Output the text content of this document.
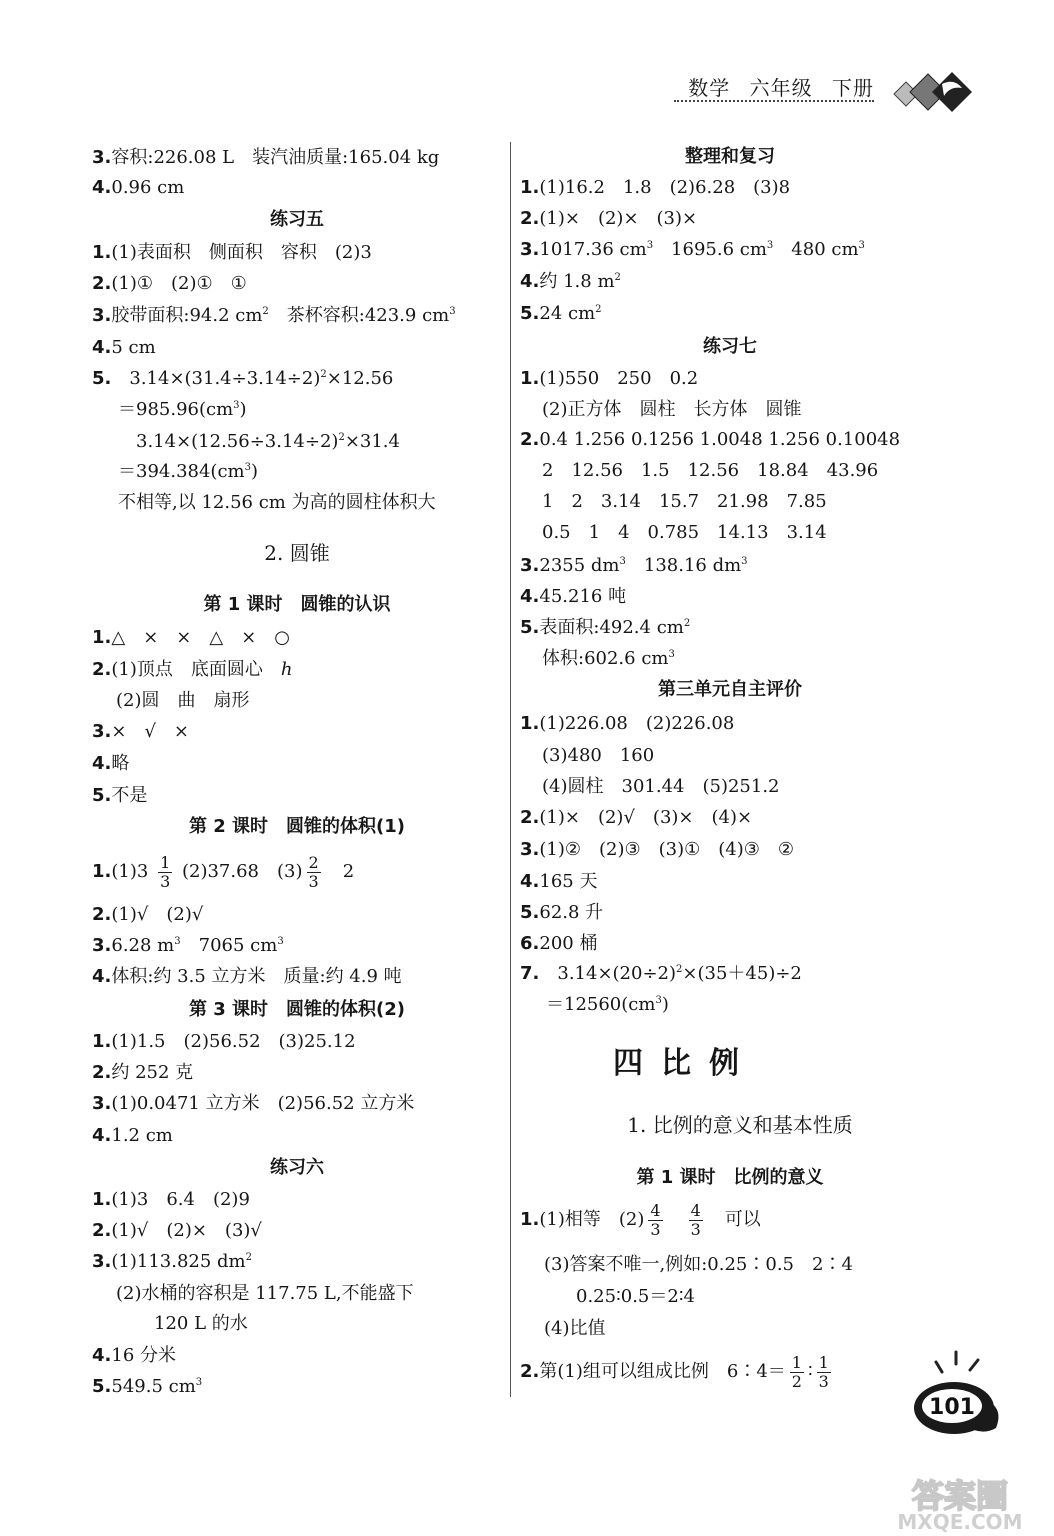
数学 六年级 下册
3.容积:226.08 L　装汽油质量:165.04 kg
4.0.96 cm
练习五
1.(1)表面积　侧面积　容积　(2)3
2.(1)①　(2)①　①
3.胶带面积:94.2 $cm^2$　茶杯容积:423.9 $cm^3$
4.5 cm
5.　$3.14\times(31.4\div 3.14\div 2)^2\times 12.56$
$=985.96(cm^3)$
$3.14\times(12.56\div 3.14\div 2)^2\times 31.4$
$=394.384(cm^3)$
不相等,以 12.56 cm 为高的圆柱体积大
2. 圆锥
第 1 课时　圆锥的认识
1.△　×　×　△　×　○
2.(1)顶点　底面圆心　 h
(2)圆　曲　扇形
3.×　√　×
4.略
5.不是
第 2 课时　圆锥的体积(1)
$1.(1)3 \frac{1}{3} (2)37.68$　$(3) \frac{2}{3}$
　 2
2.(1)√　(2)√
3.6.28 $m^3$　7065 $cm^3$
4.体积:约 3.5 立方米　质量:约 4.9 吨
第 3 课时　圆锥的体积(2)
1.(1)1.5　(2)56.52　(3)25.12
2.约 252 克
3.(1)0.0471 立方米　(2)56.52 立方米
4.1.2 cm
练习六
1.(1)3　6.4　(2)9
2.(1)√　(2)×　(3)√
3.(1)113.825 $dm^2$
(2)水桶的容积是 117.75 L,不能盛下
120 L 的水
4.16 分米
5.549.5 $cm^3$
整理和复习
1.(1)16.2　1.8　(2)6.28　(3)8
2.(1)×　(2)×　(3)×
3.1017.36 $cm^3$　1695.6 $cm^3$　480 $cm^3$
4.约 1.8 $m^2$
5.24 $cm^2$
练习七
1.(1)550　250　0.2
(2)正方体　圆柱　长方体　圆锥
2.0.4 1.256 0.1256 1.0048 1.256 0.10048
2　12.56　1.5　12.56　18.84　43.96
1　2　3.14　15.7　21.98　7.85
0.5　1　4　0.785　14.13　3.14
3.2355 $dm^3$　138.16 $dm^3$
4.45.216 吨
5.表面积:492.4 $cm^2$
体积:602.6 $cm^3$
第三单元自主评价
1.(1)226.08　(2)226.08
(3)480　160
(4)圆柱　301.44　(5)251.2
2.(1)×　(2)√　(3)×　(4)×
3.(1)②　(2)③　(3)①　(4)③　②
4.165 天
5.62.8 升
6.200 桶
7.　$3.14\times(20\div 2)^2\times(35+45)\div 2$
$=12560(cm^3)$
四比例
1. 比例的意义和基本性质
第 1 课时　比例的意义
1.(1)相等　$(2) \frac{4}{3}$
　 $\frac{4}{3}$
　 可以
(3)答案不唯一,例如:0.25∶0.5　2∶4
0.25∶0.5＝2∶4
(4)比值
2.第(1)组可以组成比例　6∶4＝ $\frac{1}{2}$ ∶ $\frac{1}{3}$
101
答案圈
MXQE.COM
